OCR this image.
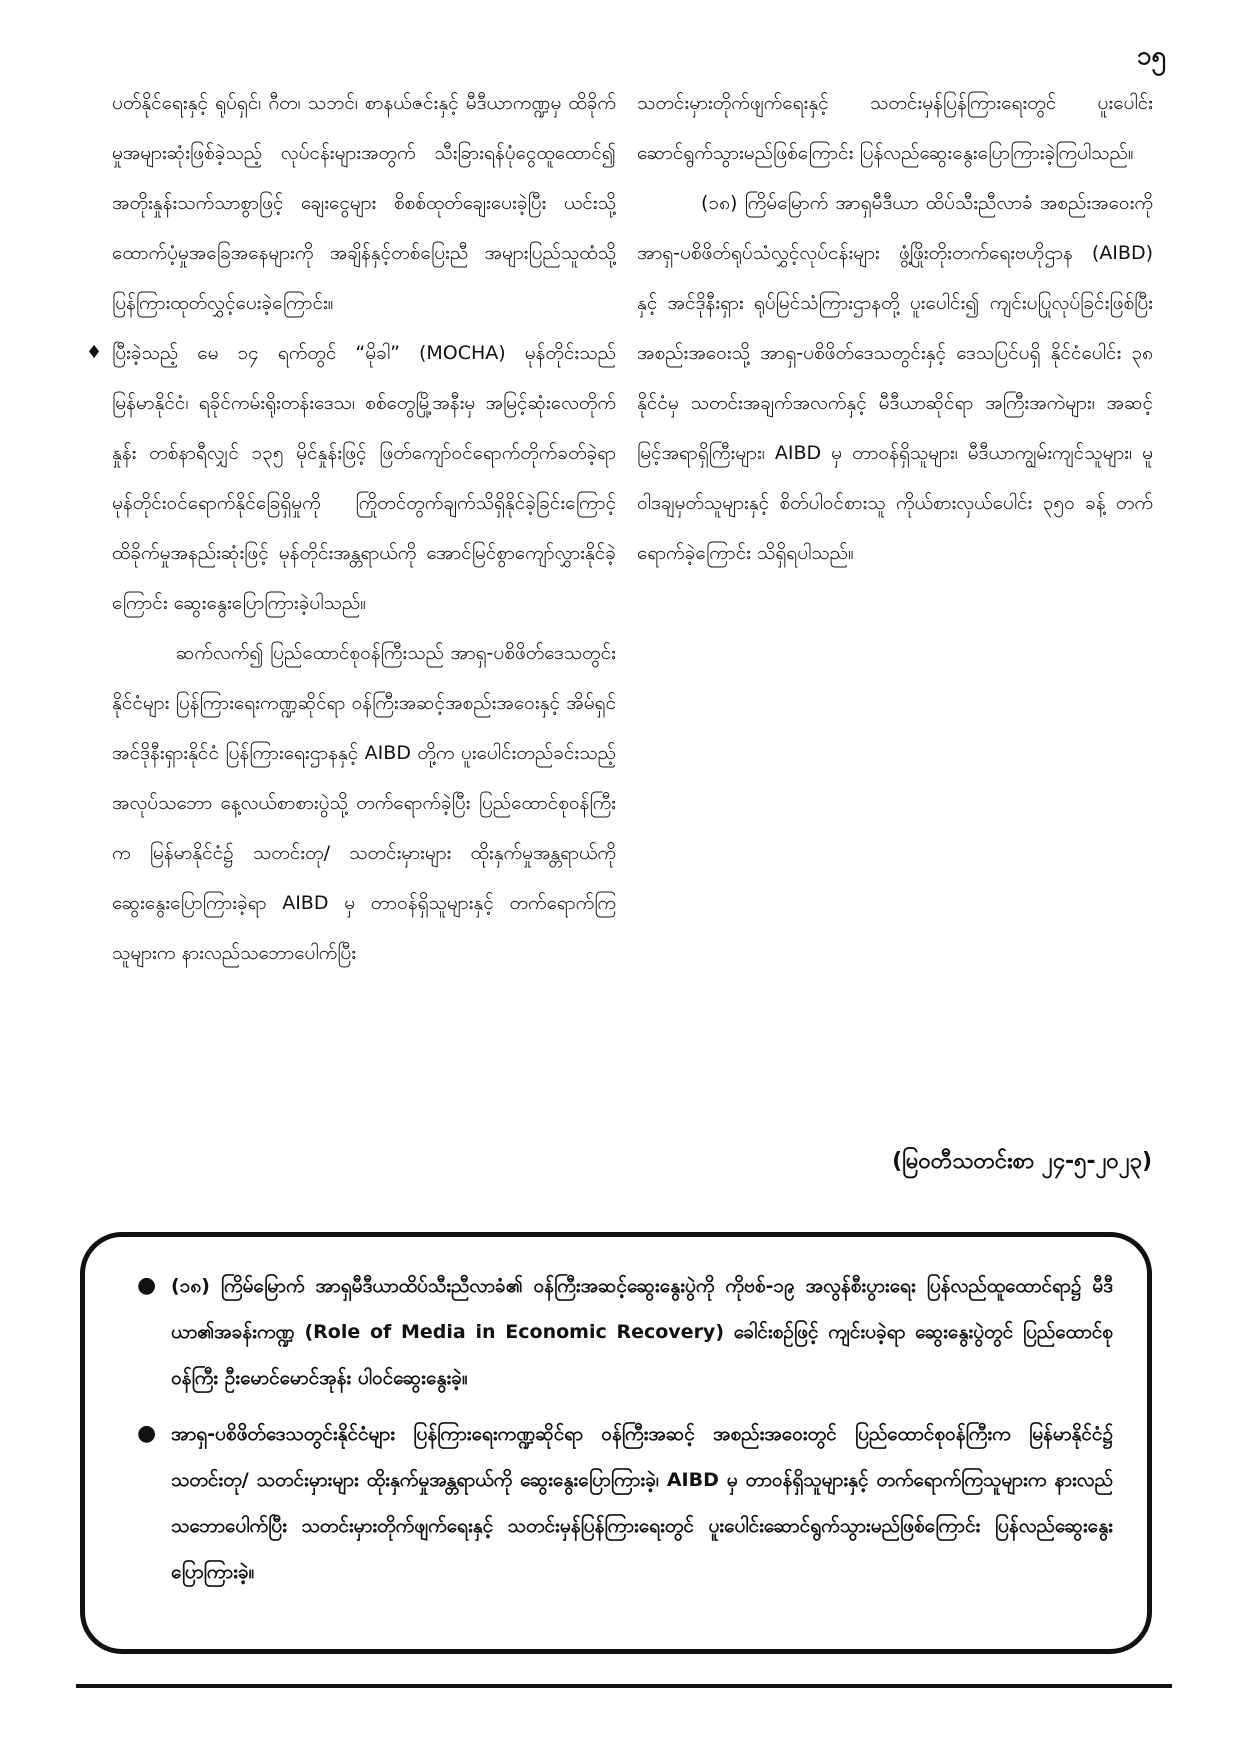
၁၅

ပတ်နိုင်ရေးနှင့် ရုပ်ရှင်၊ ဂီတ၊ သဘင်၊ စာနယ်ဇင်းနှင့် မီဒီယာကဏ္ဍမှ ထိခိုက်မှုအများဆုံးဖြစ်ခဲ့သည့် လုပ်ငန်းများအတွက် သီးခြားရန်ပုံငွေထူထောင်၍ အတိုးနှုန်းသက်သာစွာဖြင့် ချေးငွေများ စိစစ်ထုတ်ချေးပေးခဲ့ပြီး ယင်းသို့ ထောက်ပံ့မှုအခြေအနေများကို အချိန်နှင့်တစ်ပြေးညီ အများပြည်သူထံသို့ ပြန်ကြားထုတ်လွှင့်ပေးခဲ့ကြောင်း။

♦ ပြီးခဲ့သည့် မေ ၁၄ ရက်တွင် “မိုခါ” (MOCHA) မုန်တိုင်းသည် မြန်မာနိုင်ငံ၊ ရခိုင်ကမ်းရိုးတန်းဒေသ၊ စစ်တွေမြို့အနီးမှ အမြင့်ဆုံးလေတိုက်နှုန်း တစ်နာရီလျှင် ၁၃၅ မိုင်နှုန်းဖြင့် ဖြတ်ကျော်ဝင်ရောက်တိုက်ခတ်ခဲ့ရာ မုန်တိုင်းဝင်ရောက်နိုင်ခြေရှိမှုကို ကြိုတင်တွက်ချက်သိရှိနိုင်ခဲ့ခြင်းကြောင့် ထိခိုက်မှုအနည်းဆုံးဖြင့် မုန်တိုင်းအန္တရာယ်ကို အောင်မြင်စွာကျော်လွှားနိုင်ခဲ့ကြောင်း ဆွေးနွေးပြောကြားခဲ့ပါသည်။

ဆက်လက်၍ ပြည်ထောင်စုဝန်ကြီးသည် အာရှ-ပစိဖိတ်ဒေသတွင်းနိုင်ငံများ ပြန်ကြားရေးကဏ္ဍဆိုင်ရာ ဝန်ကြီးအဆင့်အစည်းအဝေးနှင့် အိမ်ရှင်အင်ဒိုနီးရှားနိုင်ငံ ပြန်ကြားရေးဌာနနှင့် AIBD တို့က ပူးပေါင်းတည်ခင်းသည့် အလုပ်သဘော နေ့လယ်စာစားပွဲသို့ တက်ရောက်ခဲ့ပြီး ပြည်ထောင်စုဝန်ကြီးက မြန်မာနိုင်ငံ၌ သတင်းတု/ သတင်းမှားများ ထိုးနှက်မှုအန္တရာယ်ကို ဆွေးနွေးပြောကြားခဲ့ရာ AIBD မှ တာဝန်ရှိသူများနှင့် တက်ရောက်ကြသူများက နားလည်သဘောပေါက်ပြီး

သတင်းမှားတိုက်ဖျက်ရေးနှင့် သတင်းမှန်ပြန်ကြားရေးတွင် ပူးပေါင်းဆောင်ရွက်သွားမည်ဖြစ်ကြောင်း ပြန်လည်ဆွေးနွေးပြောကြားခဲ့ကြပါသည်။

(၁၈) ကြိမ်မြောက် အာရှမီဒီယာ ထိပ်သီးညီလာခံ အစည်းအဝေးကို အာရှ-ပစိဖိတ်ရုပ်သံလွှင့်လုပ်ငန်းများ ဖွံ့ဖြိုးတိုးတက်ရေးဗဟိုဌာန (AIBD) နှင့် အင်ဒိုနီးရှား ရုပ်မြင်သံကြားဌာနတို့ ပူးပေါင်း၍ ကျင်းပပြုလုပ်ခြင်းဖြစ်ပြီး အစည်းအဝေးသို့ အာရှ-ပစိဖိတ်ဒေသတွင်းနှင့် ဒေသပြင်ပရှိ နိုင်ငံပေါင်း ၃၈ နိုင်ငံမှ သတင်းအချက်အလက်နှင့် မီဒီယာဆိုင်ရာ အကြီးအကဲများ၊ အဆင့်မြင့်အရာရှိကြီးများ၊ AIBD မှ တာဝန်ရှိသူများ၊ မီဒီယာကျွမ်းကျင်သူများ၊ မူဝါဒချမှတ်သူများနှင့် စိတ်ပါဝင်စားသူ ကိုယ်စားလှယ်ပေါင်း ၃၅၀ ခန့် တက်ရောက်ခဲ့ကြောင်း သိရှိရပါသည်။

(မြဝတီသတင်းစာ ၂၄-၅-၂၀၂၃)
● (၁၈) ကြိမ်မြောက် အာရှမီဒီယာထိပ်သီးညီလာခံ၏ ဝန်ကြီးအဆင့်ဆွေးနွေးပွဲကို ကိုဗစ်-၁၉ အလွန်စီးပွားရေး ပြန်လည်ထူထောင်ရာ၌ မီဒီယာ၏အခန်းကဏ္ဍ (Role of Media in Economic Recovery) ခေါင်းစဉ်ဖြင့် ကျင်းပခဲ့ရာ ဆွေးနွေးပွဲတွင် ပြည်ထောင်စုဝန်ကြီး ဦးမောင်မောင်အုန်း ပါဝင်ဆွေးနွေးခဲ့။
● အာရှ-ပစိဖိတ်ဒေသတွင်းနိုင်ငံများ ပြန်ကြားရေးကဏ္ဍဆိုင်ရာ ဝန်ကြီးအဆင့် အစည်းအဝေးတွင် ပြည်ထောင်စုဝန်ကြီးက မြန်မာနိုင်ငံ၌ သတင်းတု/ သတင်းမှားများ ထိုးနှက်မှုအန္တရာယ်ကို ဆွေးနွေးပြောကြားခဲ့၊ AIBD မှ တာဝန်ရှိသူများနှင့် တက်ရောက်ကြသူများက နားလည်သဘောပေါက်ပြီး သတင်းမှားတိုက်ဖျက်ရေးနှင့် သတင်းမှန်ပြန်ကြားရေးတွင် ပူးပေါင်းဆောင်ရွက်သွားမည်ဖြစ်ကြောင်း ပြန်လည်ဆွေးနွေးပြောကြားခဲ့။
